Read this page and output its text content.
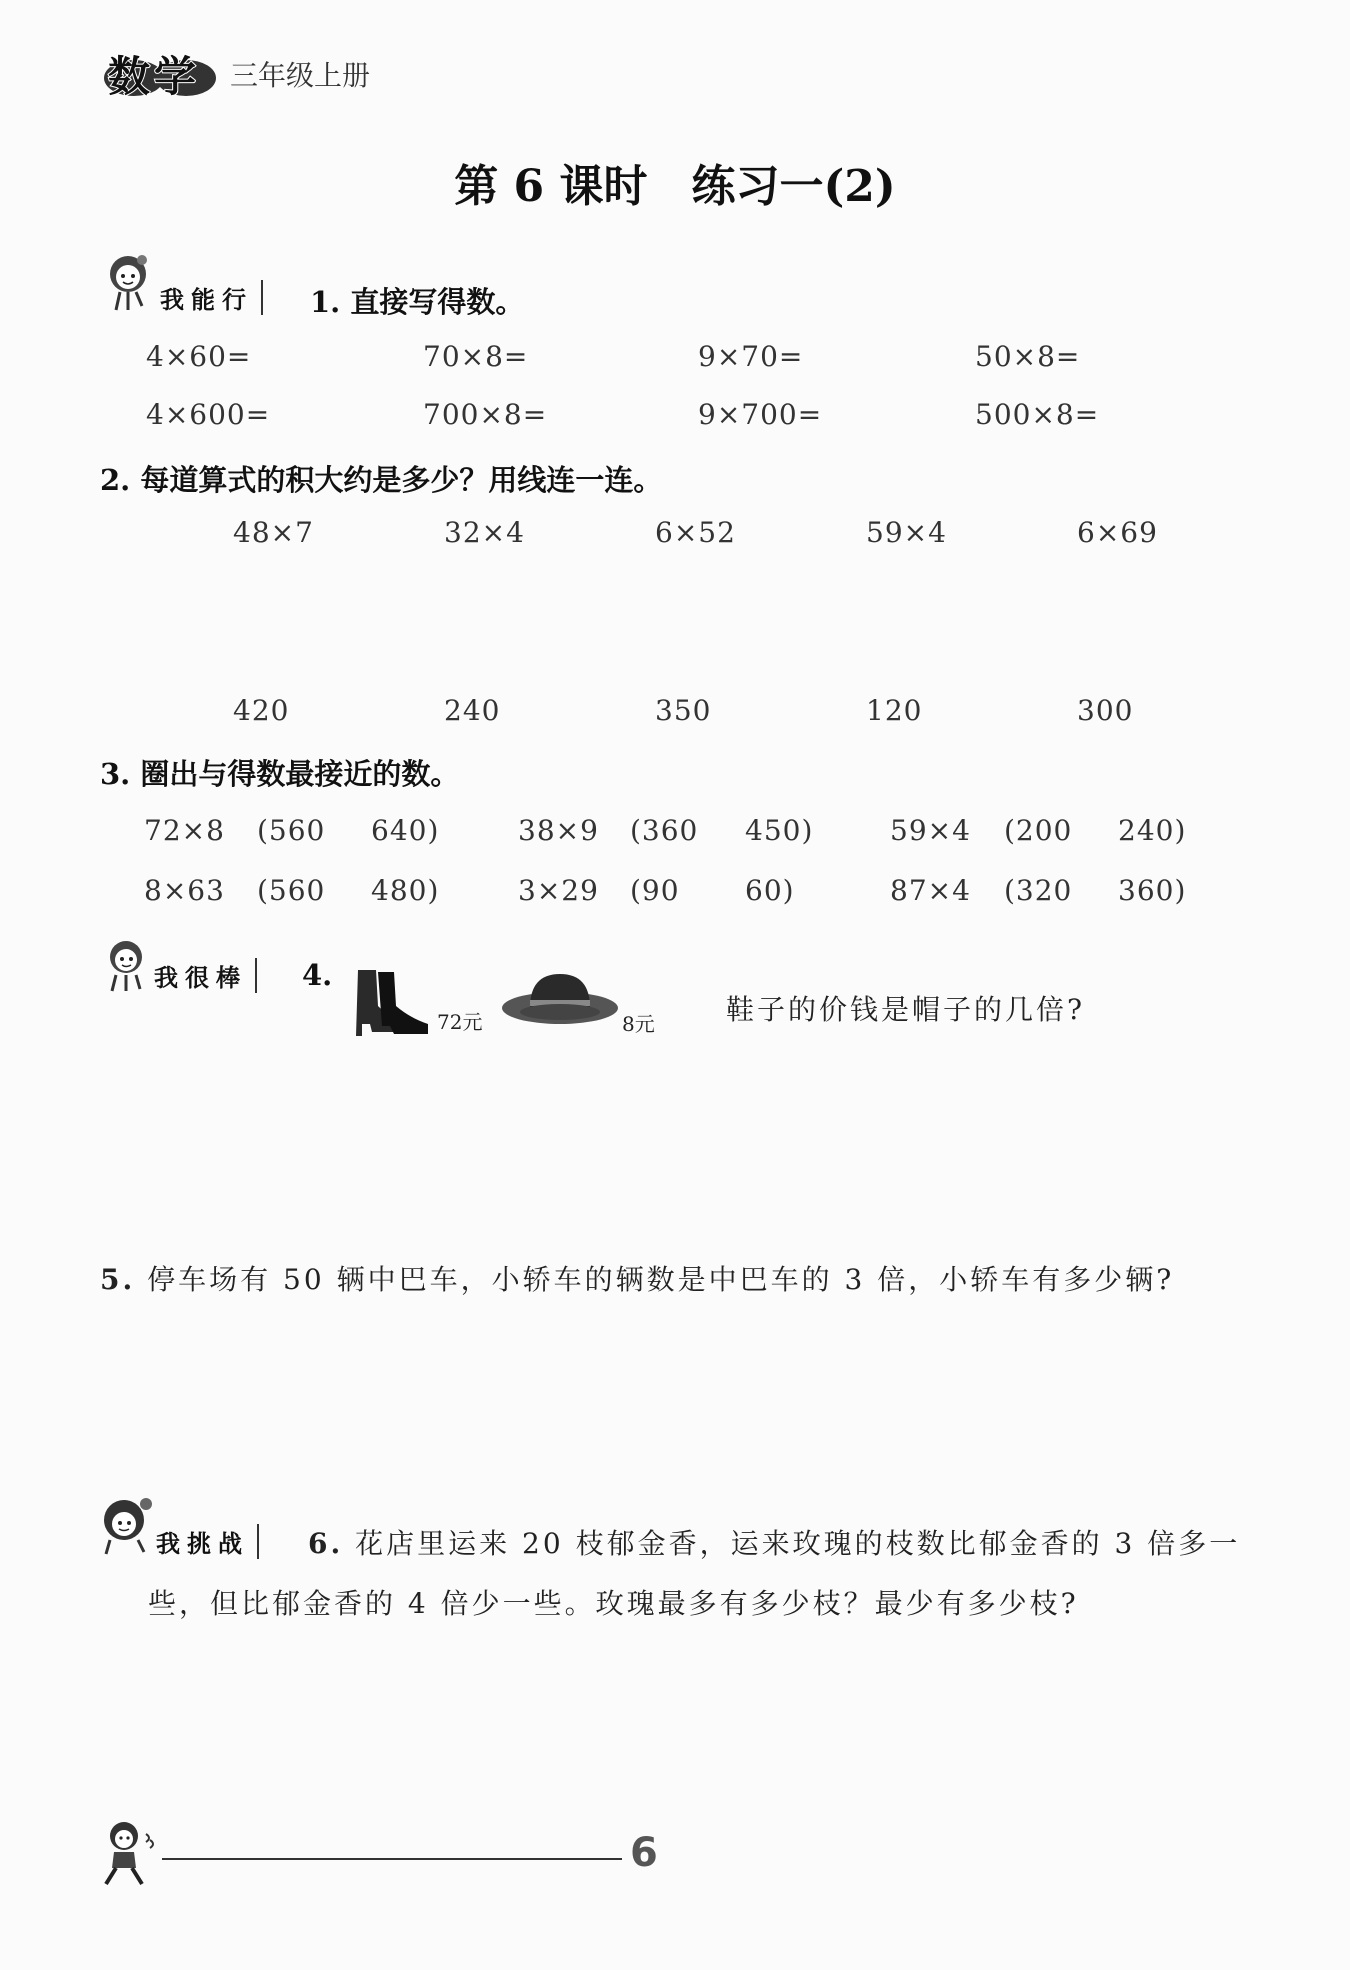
数学 三年级上册
第 6 课时　练习一(2)
我能行	1. 直接写得数。
4×60=	70×8=	9×70=	50×8=
4×600=	700×8=	9×700=	500×8=
2. 每道算式的积大约是多少？用线连一连。
48×7	32×4	6×52	59×4	6×69
420	240	350	120	300
3. 圈出与得数最接近的数。
72×8 (560 640)	38×9 (360 450)	59×4 (200 240)
8×63 (560 480)	3×29 (90 60)	87×4 (320 360)
我很棒	4.
72元	8元	鞋子的价钱是帽子的几倍?
5. 停车场有 50 辆中巴车，小轿车的辆数是中巴车的 3 倍，小轿车有多少辆?
我挑战	6. 花店里运来 20 枝郁金香，运来玫瑰的枝数比郁金香的 3 倍多一
些，但比郁金香的 4 倍少一些。玫瑰最多有多少枝？最少有多少枝?
6
